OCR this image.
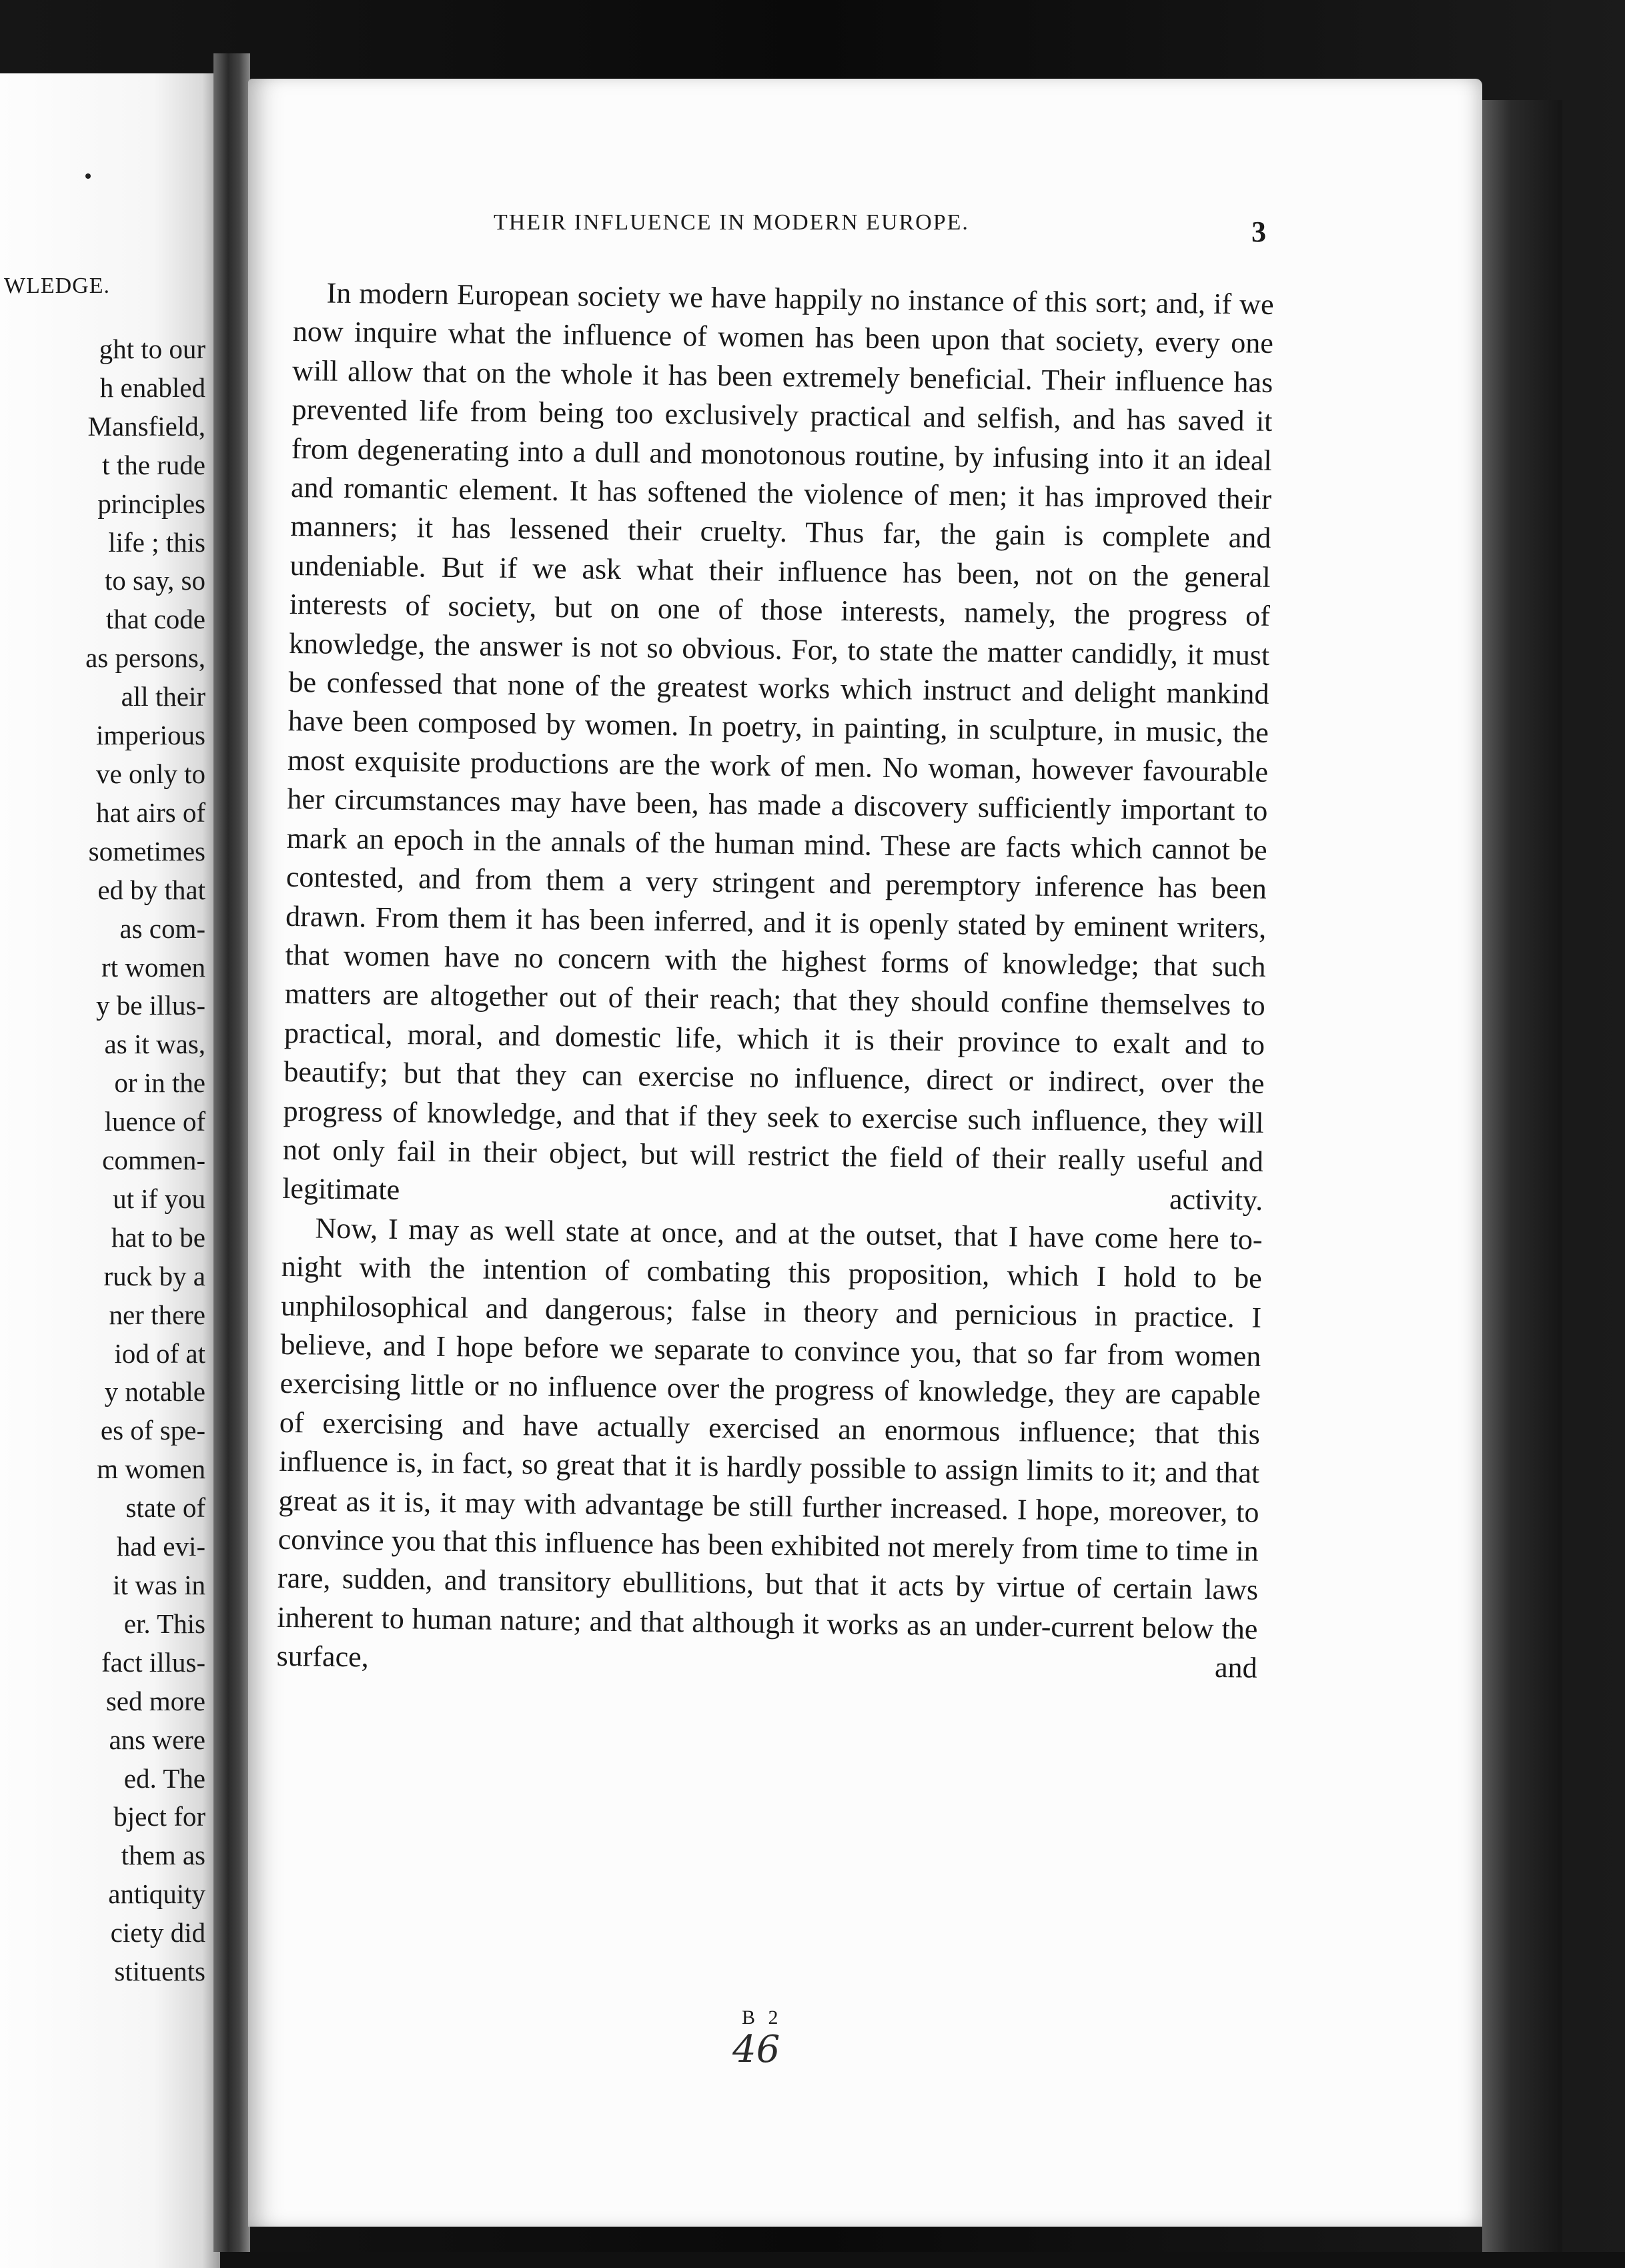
WLEDGE.
ght to our
h enabled
Mansfield,
t the rude
principles
life ; this
to say, so
that code
as persons,
all their
imperious
ve only to
hat airs of
sometimes
ed by that
as com-
rt women
y be illus-
as it was,
or in the
luence of
commen-
ut if you
hat to be
ruck by a
ner there
iod of at
y notable
es of spe-
m women
state of
had evi-
it was in
er. This
fact illus-
sed more
ans were
ed. The
bject for
them as
antiquity
ciety did
stituents
THEIR INFLUENCE IN MODERN EUROPE.	3

In modern European society we have happily no instance of this sort; and, if we now inquire what the influence of women has been upon that society, every one will allow that on the whole it has been extremely beneficial. Their influence has prevented life from being too exclusively practical and selfish, and has saved it from degenerating into a dull and monotonous routine, by infusing into it an ideal and romantic element. It has softened the violence of men; it has improved their manners; it has lessened their cruelty. Thus far, the gain is complete and undeniable. But if we ask what their influence has been, not on the general interests of society, but on one of those interests, namely, the progress of knowledge, the answer is not so obvious. For, to state the matter candidly, it must be confessed that none of the greatest works which instruct and delight mankind have been composed by women. In poetry, in painting, in sculpture, in music, the most exquisite productions are the work of men. No woman, however favourable her circumstances may have been, has made a discovery sufficiently important to mark an epoch in the annals of the human mind. These are facts which cannot be contested, and from them a very stringent and peremptory inference has been drawn. From them it has been inferred, and it is openly stated by eminent writers, that women have no concern with the highest forms of knowledge; that such matters are altogether out of their reach; that they should confine themselves to practical, moral, and domestic life, which it is their province to exalt and to beautify; but that they can exercise no influence, direct or indirect, over the progress of knowledge, and that if they seek to exercise such influence, they will not only fail in their object, but will restrict the field of their really useful and legitimate activity.

Now, I may as well state at once, and at the outset, that I have come here to-night with the intention of combating this proposition, which I hold to be unphilosophical and dangerous; false in theory and pernicious in practice. I believe, and I hope before we separate to convince you, that so far from women exercising little or no influence over the progress of knowledge, they are capable of exercising and have actually exercised an enormous influence; that this influence is, in fact, so great that it is hardly possible to assign limits to it; and that great as it is, it may with advantage be still further increased. I hope, moreover, to convince you that this influence has been exhibited not merely from time to time in rare, sudden, and transitory ebullitions, but that it acts by virtue of certain laws inherent to human nature; and that although it works as an under-current below the surface, and

B 2
46
